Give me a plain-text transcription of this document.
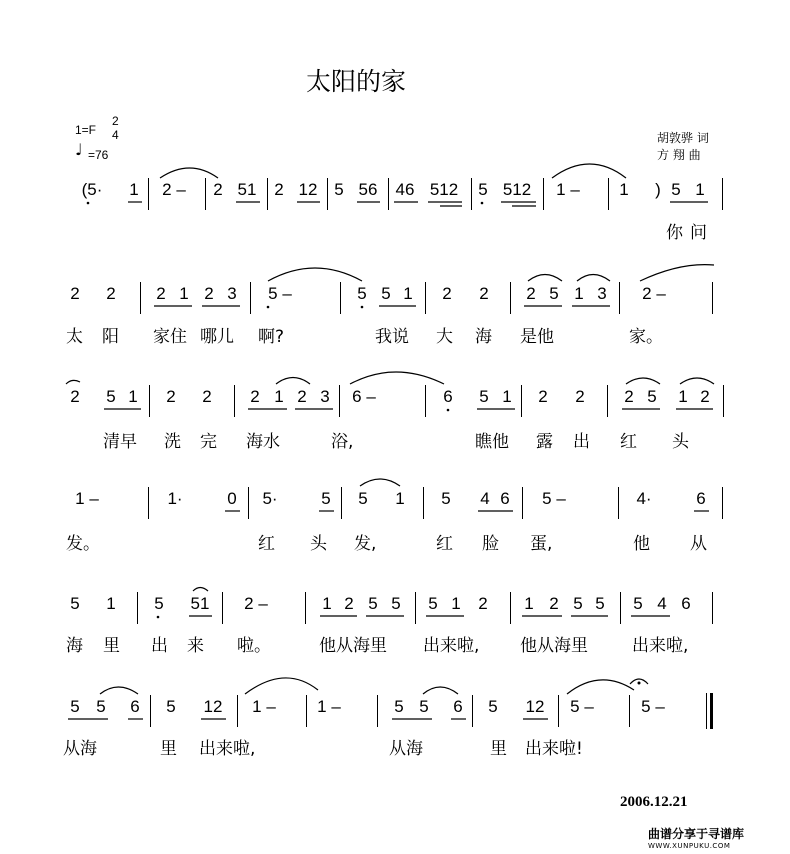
太阳的家
1=F
2
4
♩ =76
胡敦骅 词
方 翔 曲
(5· 1	2 –	2 51 2 12 5 56 46 512 5 512	1 –	1	) 5 1
你 问
2 2 2 1 2 3	5 –	5 5 1 2 2 2 5 1 3	2 –
太 阳 家住 哪儿 啊?	我说 大 海 是他	家。
2 5 1 2 2 2 1 2 3	6 –	6 5 1 2 2 2 5 1 2
清早 洗 完 海水	浴,	瞧他 露 出 红 头
1 –	1·	0 5·	5 5 1 5 4 6	5 –	4·	6
发。	红 头 发,	红 脸 蛋,	他 从
5 1 5 51	2 –	1 2 5 5 5 1 2 1 2 5 5 5 4 6
海 里 出 来 啦。	他从海里 出来啦, 他从海里	出来啦,
5 5 6 5 12	1 –	1 –	5 5 6 5 12	5 –	5 –
从海	里 出来啦,	从海	里 出来啦!
2006.12.21
曲谱分享于寻谱库
WWW.XUNPUKU.COM
